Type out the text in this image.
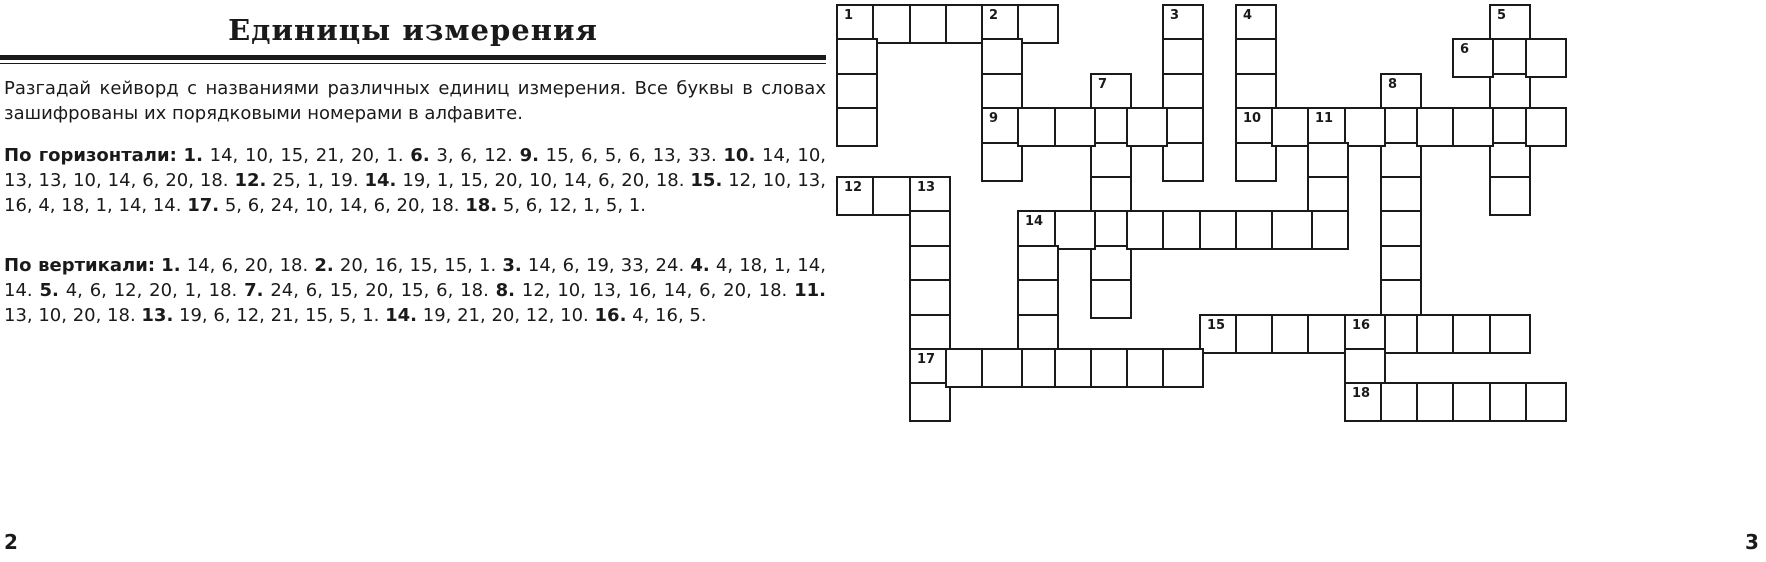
Единицы измерения

Разгадай кейворд с названиями различных единиц измерения. Все буквы в словах зашифрованы их порядковыми номерами в алфавите.

По горизонтали: 1. 14, 10, 15, 21, 20, 1. 6. 3, 6, 12. 9. 15, 6, 5, 6, 13, 33. 10. 14, 10, 13, 13, 10, 14, 6, 20, 18. 12. 25, 1, 19. 14. 19, 1, 15, 20, 10, 14, 6, 20, 18. 15. 12, 10, 13, 16, 4, 18, 1, 14, 14. 17. 5, 6, 24, 10, 14, 6, 20, 18. 18. 5, 6, 12, 1, 5, 1.

По вертикали: 1. 14, 6, 20, 18. 2. 20, 16, 15, 15, 1. 3. 14, 6, 19, 33, 24. 4. 4, 18, 1, 14, 14. 5. 4, 6, 12, 20, 1, 18. 7. 24, 6, 15, 20, 15, 6, 18. 8. 12, 10, 13, 16, 14, 6, 20, 18. 11. 13, 10, 20, 18. 13. 19, 6, 12, 21, 15, 5, 1. 14. 19, 21, 20, 12, 10. 16. 4, 16, 5.

2	3
1	2
9
3	4
10
5
6
7	8
11
12	13
17
14
15	16
18
